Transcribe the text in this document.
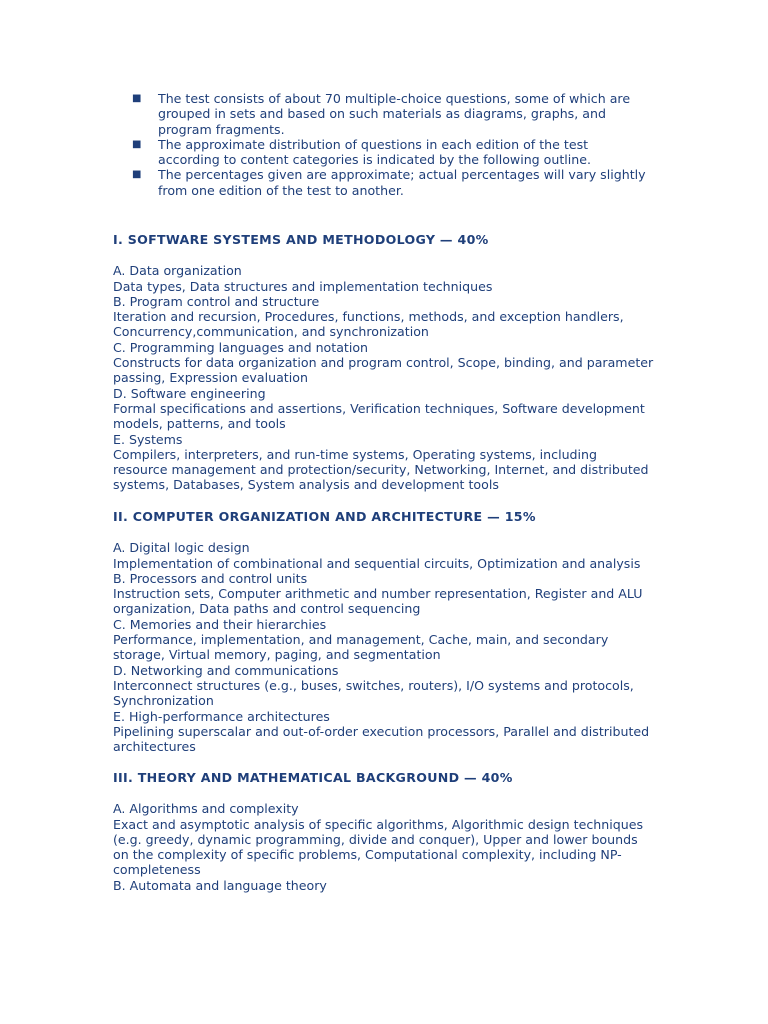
■ The test consists of about 70 multiple-choice questions, some of which are grouped in sets and based on such materials as diagrams, graphs, and program fragments.
■ The approximate distribution of questions in each edition of the test according to content categories is indicated by the following outline.
■ The percentages given are approximate; actual percentages will vary slightly from one edition of the test to another.

I. SOFTWARE SYSTEMS AND METHODOLOGY — 40%

A. Data organization
Data types, Data structures and implementation techniques
B. Program control and structure
Iteration and recursion, Procedures, functions, methods, and exception handlers,
Concurrency,communication, and synchronization
C. Programming languages and notation
Constructs for data organization and program control, Scope, binding, and parameter
passing, Expression evaluation
D. Software engineering
Formal specifications and assertions, Verification techniques, Software development
models, patterns, and tools
E. Systems
Compilers, interpreters, and run-time systems, Operating systems, including
resource management and protection/security, Networking, Internet, and distributed
systems, Databases, System analysis and development tools

II. COMPUTER ORGANIZATION AND ARCHITECTURE — 15%

A. Digital logic design
Implementation of combinational and sequential circuits, Optimization and analysis
B. Processors and control units
Instruction sets, Computer arithmetic and number representation, Register and ALU
organization, Data paths and control sequencing
C. Memories and their hierarchies
Performance, implementation, and management, Cache, main, and secondary
storage, Virtual memory, paging, and segmentation
D. Networking and communications
Interconnect structures (e.g., buses, switches, routers), I/O systems and protocols,
Synchronization
E. High-performance architectures
Pipelining superscalar and out-of-order execution processors, Parallel and distributed
architectures

III. THEORY AND MATHEMATICAL BACKGROUND — 40%

A. Algorithms and complexity
Exact and asymptotic analysis of specific algorithms, Algorithmic design techniques
(e.g. greedy, dynamic programming, divide and conquer), Upper and lower bounds
on the complexity of specific problems, Computational complexity, including NP-
completeness
B. Automata and language theory
